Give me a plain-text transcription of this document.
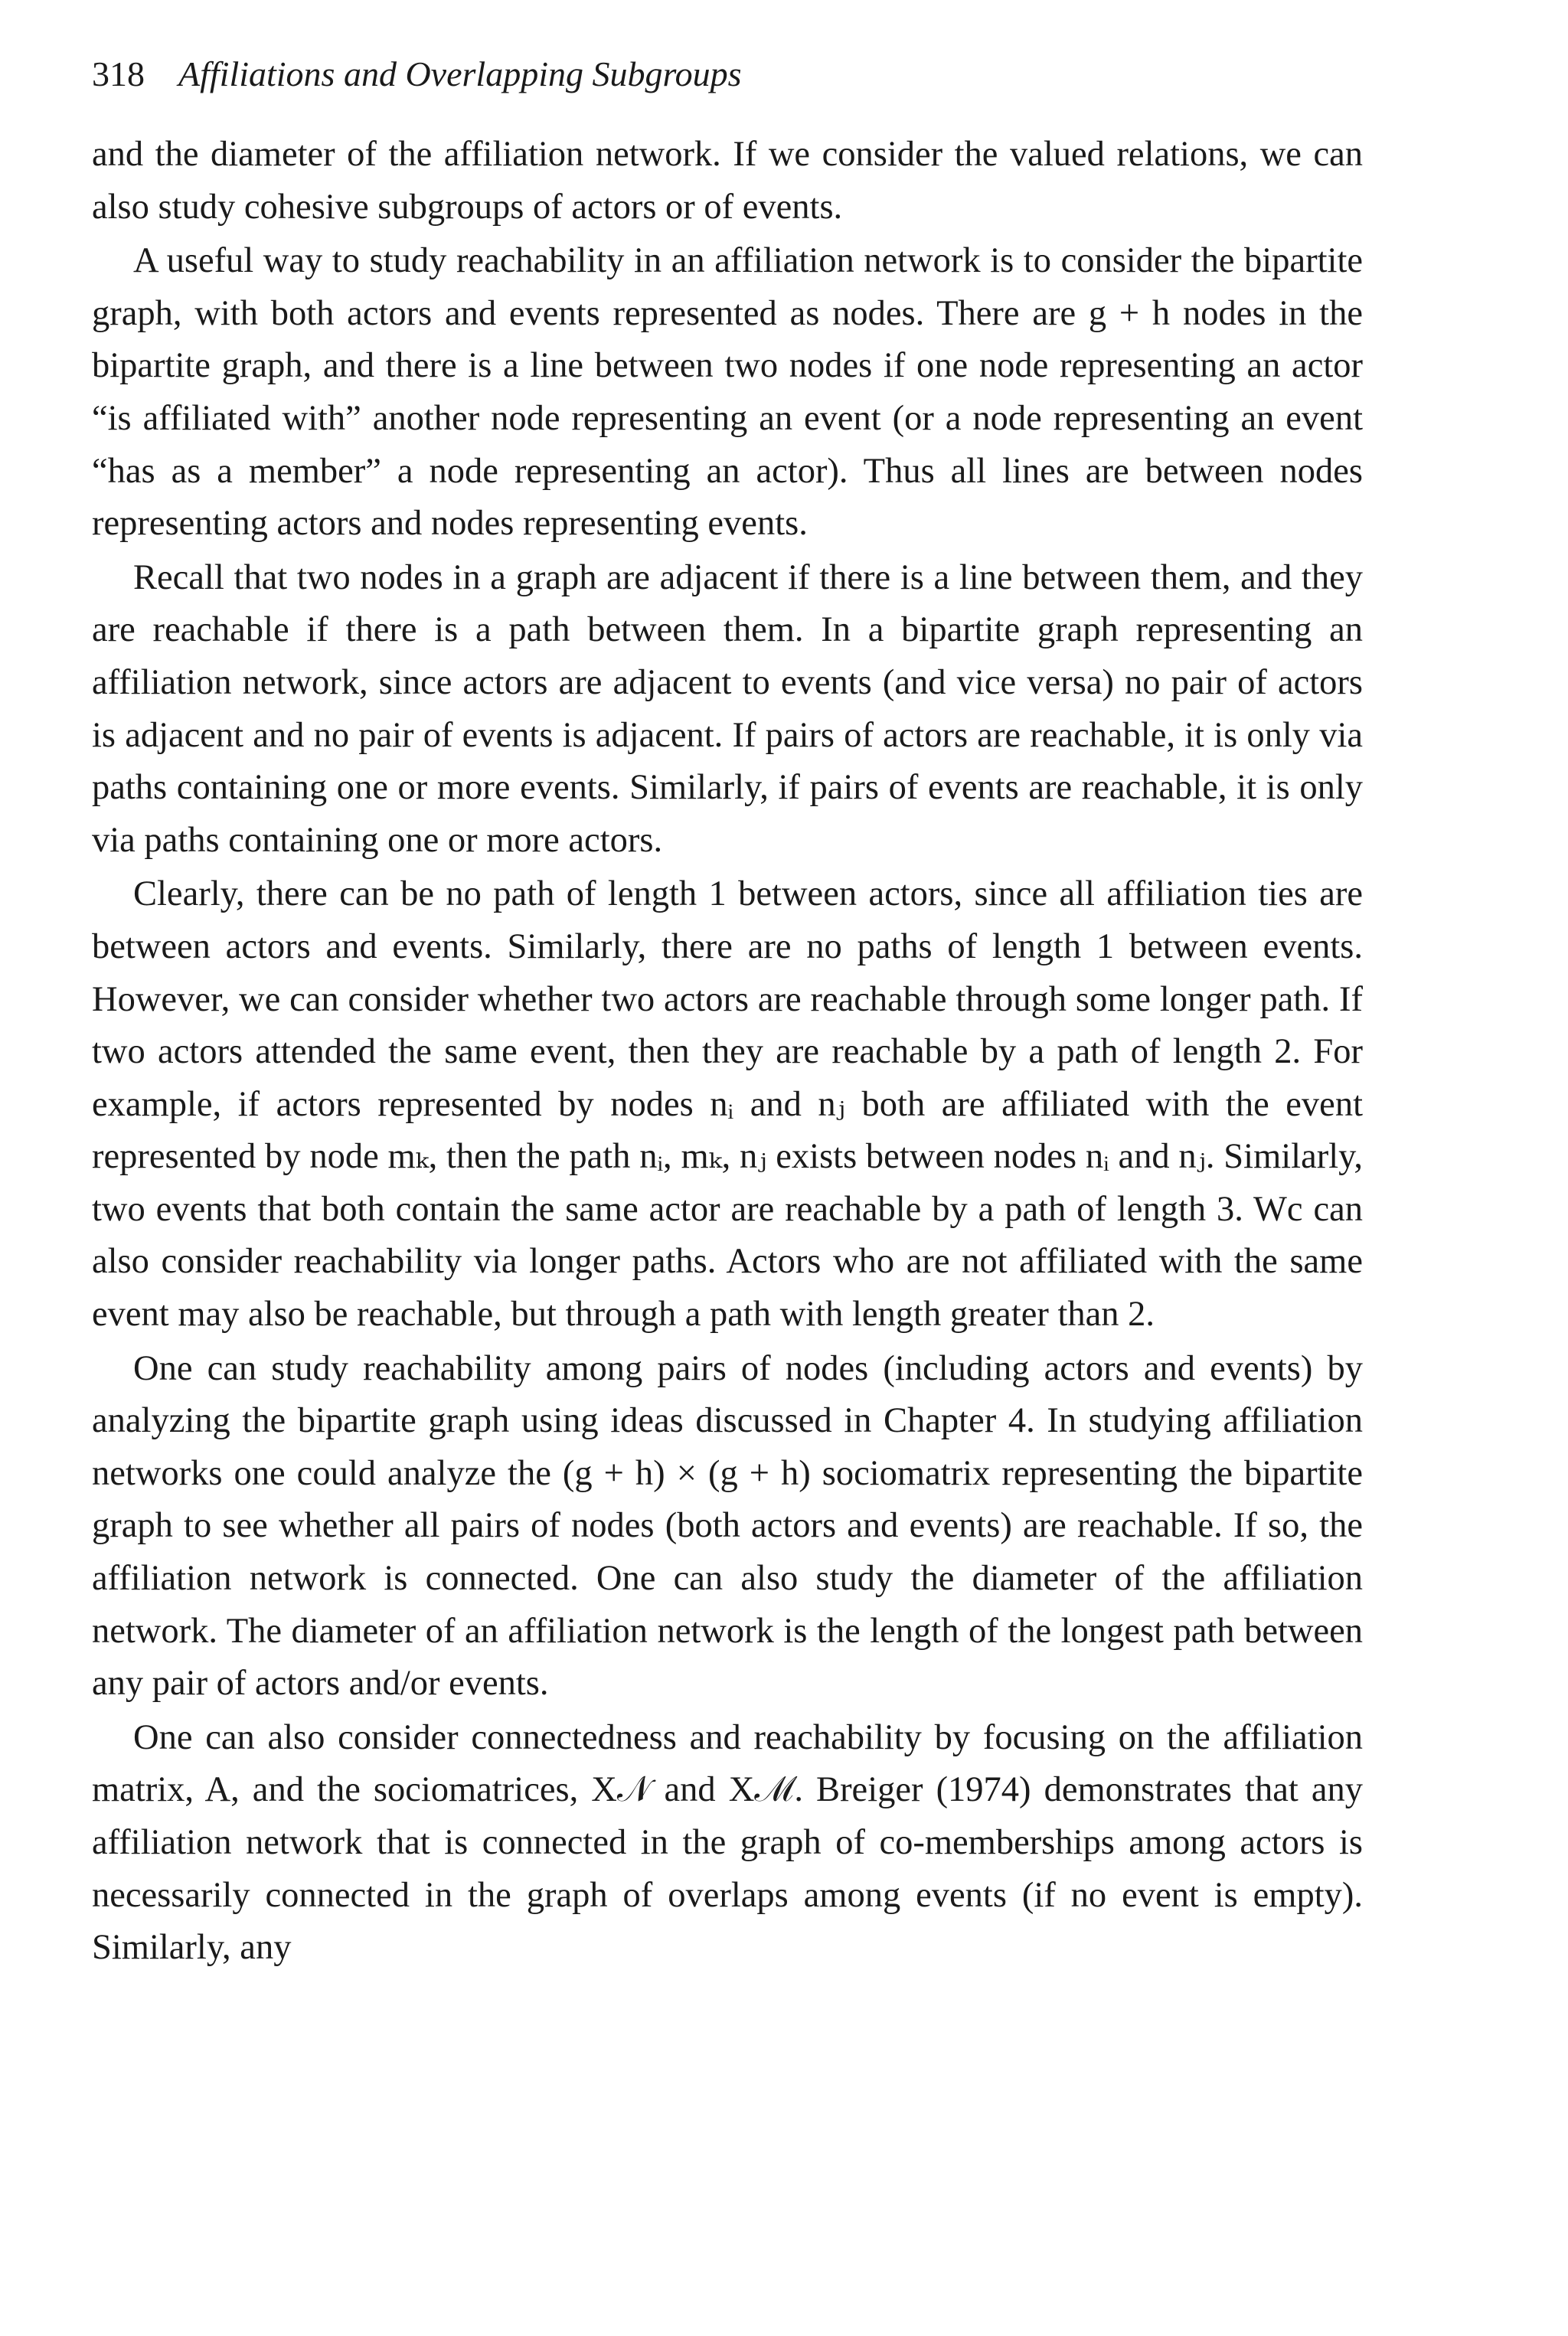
318 Affiliations and Overlapping Subgroups

and the diameter of the affiliation network. If we consider the valued relations, we can also study cohesive subgroups of actors or of events.

A useful way to study reachability in an affiliation network is to consider the bipartite graph, with both actors and events represented as nodes. There are g + h nodes in the bipartite graph, and there is a line between two nodes if one node representing an actor “is affiliated with” another node representing an event (or a node representing an event “has as a member” a node representing an actor). Thus all lines are between nodes representing actors and nodes representing events.

Recall that two nodes in a graph are adjacent if there is a line between them, and they are reachable if there is a path between them. In a bipartite graph representing an affiliation network, since actors are adjacent to events (and vice versa) no pair of actors is adjacent and no pair of events is adjacent. If pairs of actors are reachable, it is only via paths containing one or more events. Similarly, if pairs of events are reachable, it is only via paths containing one or more actors.

Clearly, there can be no path of length 1 between actors, since all affiliation ties are between actors and events. Similarly, there are no paths of length 1 between events. However, we can consider whether two actors are reachable through some longer path. If two actors attended the same event, then they are reachable by a path of length 2. For example, if actors represented by nodes nᵢ and nⱼ both are affiliated with the event represented by node mₖ, then the path nᵢ, mₖ, nⱼ exists between nodes nᵢ and nⱼ. Similarly, two events that both contain the same actor are reachable by a path of length 3. Wc can also consider reachability via longer paths. Actors who are not affiliated with the same event may also be reachable, but through a path with length greater than 2.

One can study reachability among pairs of nodes (including actors and events) by analyzing the bipartite graph using ideas discussed in Chapter 4. In studying affiliation networks one could analyze the (g + h) × (g + h) sociomatrix representing the bipartite graph to see whether all pairs of nodes (both actors and events) are reachable. If so, the affiliation network is connected. One can also study the diameter of the affiliation network. The diameter of an affiliation network is the length of the longest path between any pair of actors and/or events.

One can also consider connectedness and reachability by focusing on the affiliation matrix, A, and the sociomatrices, X𝒩 and Xℳ. Breiger (1974) demonstrates that any affiliation network that is connected in the graph of co-memberships among actors is necessarily connected in the graph of overlaps among events (if no event is empty). Similarly, any
